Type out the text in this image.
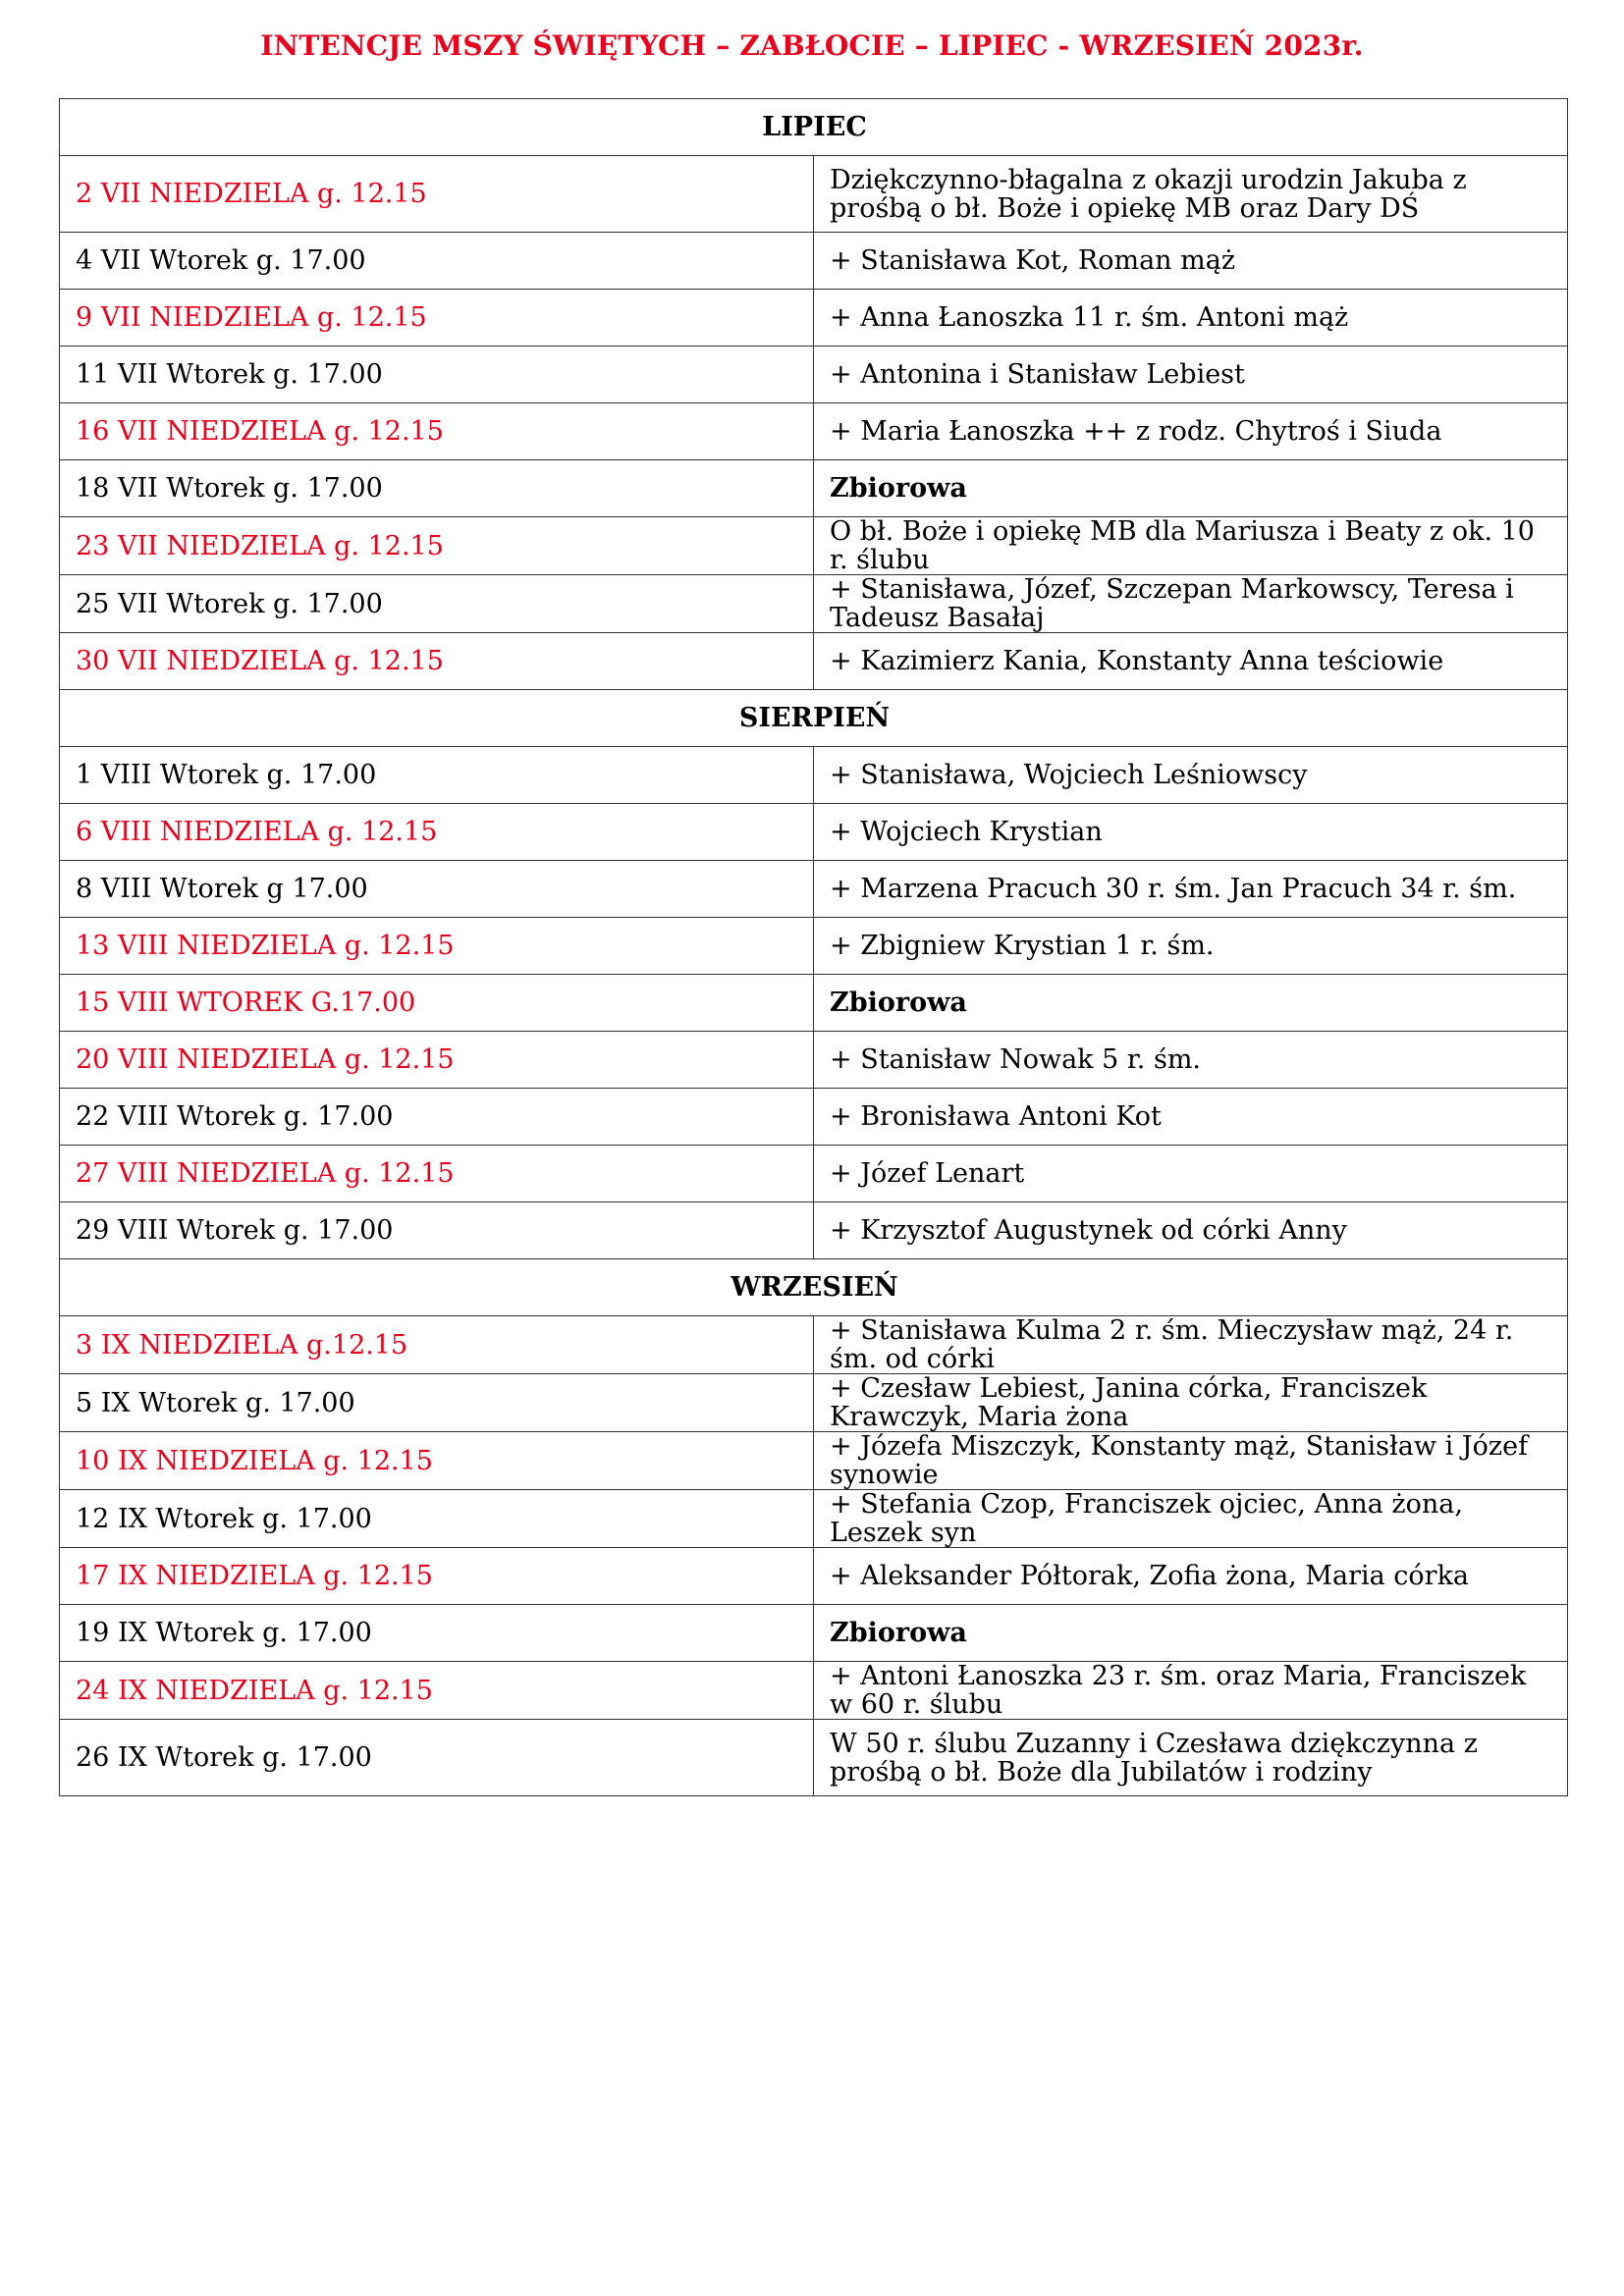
INTENCJE MSZY ŚWIĘTYCH – ZABŁOCIE – LIPIEC - WRZESIEŃ 2023r.
LIPIEC	
2 VII NIEDZIELA g. 12.15	Dziękczynno-błagalna z okazji urodzin Jakuba z prośbą o bł. Boże i opiekę MB oraz Dary DŚ
4 VII Wtorek g. 17.00	+ Stanisława Kot, Roman mąż
9 VII NIEDZIELA g. 12.15	+ Anna Łanoszka 11 r. śm. Antoni mąż
11 VII Wtorek g. 17.00	+ Antonina i Stanisław Lebiest
16 VII NIEDZIELA g. 12.15	+ Maria Łanoszka ++ z rodz. Chytroś i Siuda
18 VII Wtorek g. 17.00	Zbiorowa
23 VII NIEDZIELA g. 12.15	O bł. Boże i opiekę MB dla Mariusza i Beaty z ok. 10 r. ślubu
25 VII Wtorek g. 17.00	+ Stanisława, Józef, Szczepan Markowscy, Teresa i Tadeusz Basałaj
30 VII NIEDZIELA g. 12.15	+ Kazimierz Kania, Konstanty Anna teściowie
SIERPIEŃ	
1 VIII Wtorek g. 17.00	+ Stanisława, Wojciech Leśniowscy
6 VIII NIEDZIELA g. 12.15	+ Wojciech Krystian
8 VIII Wtorek g 17.00	+ Marzena Pracuch 30 r. śm. Jan Pracuch 34 r. śm.
13 VIII NIEDZIELA g. 12.15	+ Zbigniew Krystian 1 r. śm.
15 VIII WTOREK G.17.00	Zbiorowa
20 VIII NIEDZIELA g. 12.15	+ Stanisław Nowak 5 r. śm.
22 VIII Wtorek g. 17.00	+ Bronisława Antoni Kot
27 VIII NIEDZIELA g. 12.15	+ Józef Lenart
29 VIII Wtorek g. 17.00	+ Krzysztof Augustynek od córki Anny
WRZESIEŃ	
3 IX NIEDZIELA g.12.15	+ Stanisława Kulma 2 r. śm. Mieczysław mąż, 24 r. śm. od córki
5 IX Wtorek g. 17.00	+ Czesław Lebiest, Janina córka, Franciszek Krawczyk, Maria żona
10 IX NIEDZIELA g. 12.15	+ Józefa Miszczyk, Konstanty mąż, Stanisław i Józef synowie
12 IX Wtorek g. 17.00	+ Stefania Czop, Franciszek ojciec, Anna żona, Leszek syn
17 IX NIEDZIELA g. 12.15	+ Aleksander Półtorak, Zofia żona, Maria córka
19 IX Wtorek g. 17.00	Zbiorowa
24 IX NIEDZIELA g. 12.15	+ Antoni Łanoszka 23 r. śm. oraz Maria, Franciszek w 60 r. ślubu
26 IX Wtorek g. 17.00	W 50 r. ślubu Zuzanny i Czesława dziękczynna z prośbą o bł. Boże dla Jubilatów i rodziny
